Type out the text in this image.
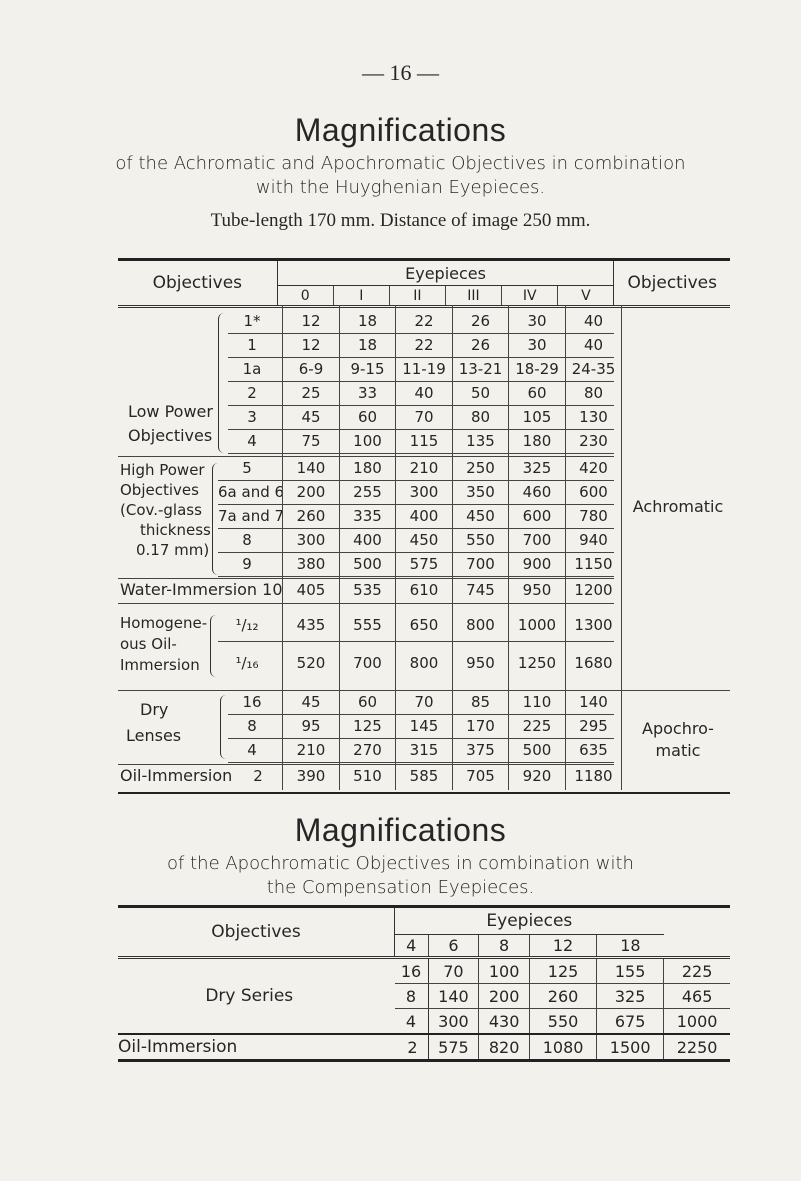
— 16 —
Magnifications
of the Achromatic and Apochromatic Objectives in combination
with the Huyghenian Eyepieces.
Tube-length 170 mm. Distance of image 250 mm.
Objectives	Eyepieces						Objectives
	0	I	II	III	IV	V	
1*	12	18	22	26	30	40
1	12	18	22	26	30	40
1a	6-9	9-15	11-19 13-21 18-29 24-35
2	25	33	40	50	60	80
3	45	60	70	80	105	130
4	75	100	115	135	180	230
Low Power
Objectives
5	140	180	210	250	325	420
6a and 6 200	255	300	350	460	600
7a and 7 260	335	400	450	600	780
8	300	400	450	550	700	940
9	380	500	575	700	900	1150
High Power
Objectives
(Cov.-glass
thickness
0.17 mm)
Water-Immersion 10 405	535	610	745	950	1200
¹/₁₂	435	555	650	800	1000	1300
¹/₁₆	520	700	800	950	1250	1680
Homogene-
ous Oil-
Immersion
16	45	60	70	85	110	140
8	95	125	145	170	225	295
4	210	270	315	375	500	635
Dry
Lenses
Oil-Immersion	2	390	510	585	705	920	1180
Achromatic
Apochro-
matic
Magnifications
of the Apochromatic Objectives in combination with
the Compensation Eyepieces.
Objectives	Eyepieces					
	4	6	8	12	18	
Dry Series	16	70	100	125	155	225
	8	140	200	260	325	465
	4	300	430	550	675	1000
Oil-Immersion	2	575	820	1080	1500	2250
